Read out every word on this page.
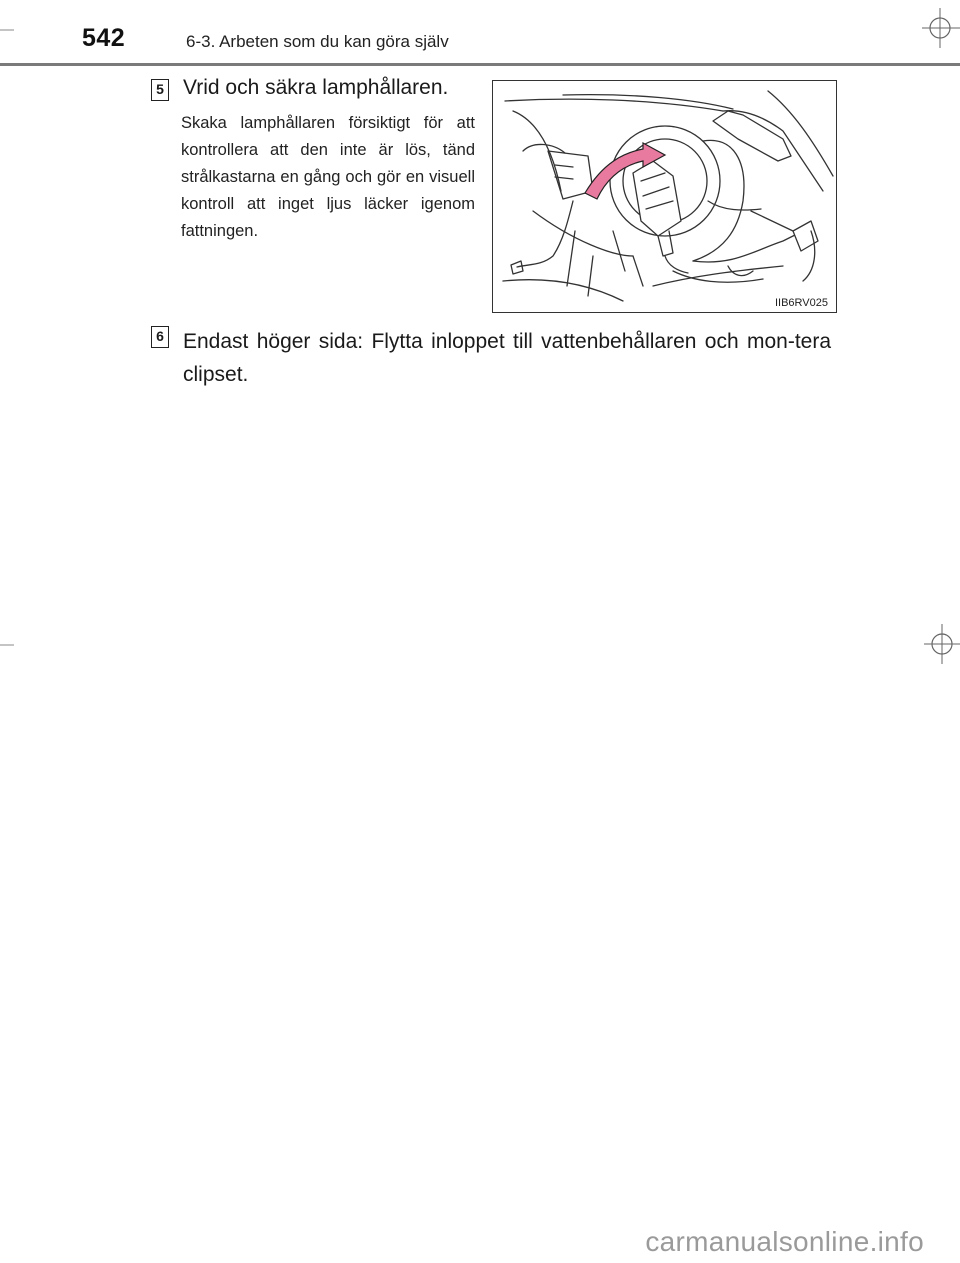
542	6-3. Arbeten som du kan göra själv
5 Vrid och säkra lamphållaren.
Skaka lamphållaren försiktigt för att kontrollera att den inte är lös, tänd strålkastarna en gång och gör en visuell kontroll att inget ljus läcker igenom fattningen.
IIB6RV025
6 Endast höger sida: Flytta inloppet till vattenbehållaren och mon-tera clipset.
carmanualsonline.info
